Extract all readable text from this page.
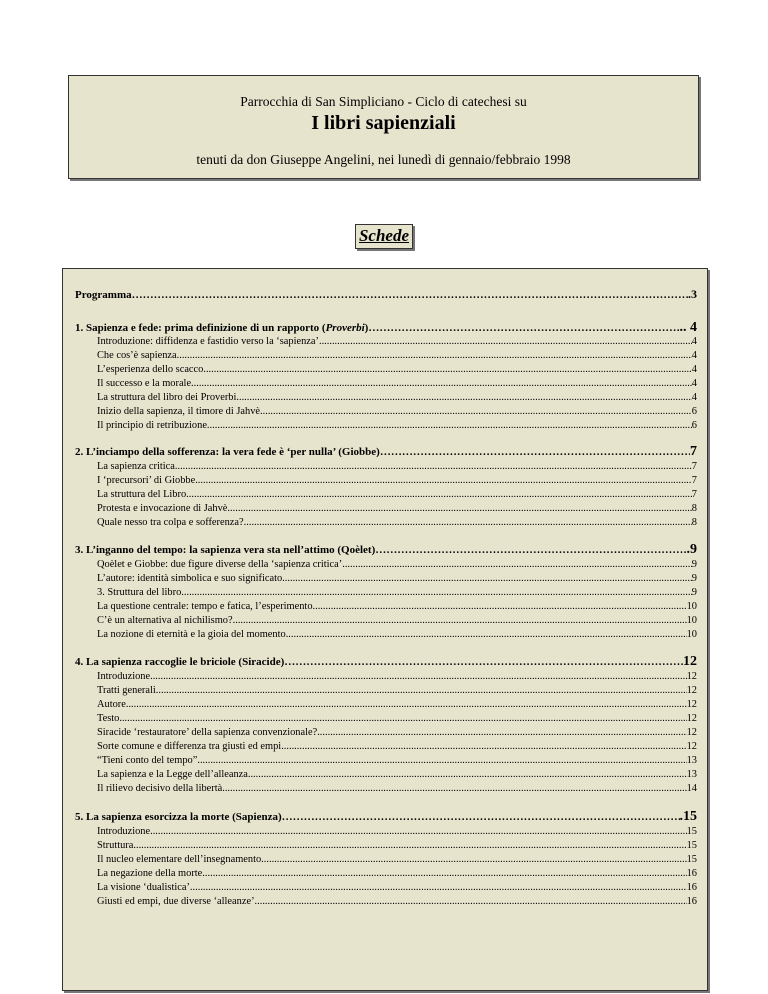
Parrocchia di San Simpliciano - Ciclo di catechesi su
I libri sapienziali
tenuti da don Giuseppe Angelini, nei lunedì di gennaio/febbraio 1998
Schede
Programma …………………………………………………………………………………………………………………………………………………………………………………………………………………………………………………………	.3
1. Sapienza e fede: prima definizione di un rapporto (Proverbi) …………………………………………………………………………………………………………………………………………………………………………………………………………………………………………………………	.. 4
Introduzione: diffidenza e fastidio verso la ‘sapienza’. .....	4
Che cos’è sapienza. .....	4
L’esperienza dello scacco. .....	4
Il successo e la morale. .....	4
La struttura del libro dei Proverbi. .....	4
Inizio della sapienza, il timore di Jahvè. .....	6
Il principio di retribuzione. .....	6
2. L’inciampo della sofferenza: la vera fede è ‘per nulla’ (Giobbe) …………………………………………………………………………………………………………………………………………………………………………………………………………………………………………………………	7
La sapienza critica .....	7
I ‘precursori’ di Giobbe .....	7
La struttura del Libro .....	7
Protesta e invocazione di Jahvè .....	8
Quale nesso tra colpa e sofferenza? .....	8
3. L’inganno del tempo: la sapienza vera sta nell’attimo (Qoèlet) …………………………………………………………………………………………………………………………………………………………………………………………………………………………………………………………	.9
Qoèlet e Giobbe: due figure diverse della ‘sapienza critica’ .....	9
L’autore: identità simbolica e suo significato .....	9
3. Struttura del libro .....	9
La questione centrale: tempo e fatica, l’esperimento .....	10
C’è un alternativa al nichilismo? .....	10
La nozione di eternità e la gioia del momento .....	10
4. La sapienza raccoglie le briciole (Siracide) …………………………………………………………………………………………………………………………………………………………………………………………………………………………………………………………	12
Introduzione .....	12
Tratti generali .....	12
Autore .....	12
Testo .....	12
Siracide ‘restauratore’ della sapienza convenzionale? .....	12
Sorte comune e differenza tra giusti ed empi .....	12
“Tieni conto del tempo” .....	13
La sapienza e la Legge dell’alleanza .....	13
Il rilievo decisivo della libertà .....	14
5. La sapienza esorcizza la morte (Sapienza) …………………………………………………………………………………………………………………………………………………………………………………………………………………………………………………………	.15
Introduzione .....	15
Struttura .....	15
Il nucleo elementare dell’insegnamento .....	15
La negazione della morte .....	16
La visione ‘dualistica’ .....	16
Giusti ed empi, due diverse ‘alleanze’ .....	16
